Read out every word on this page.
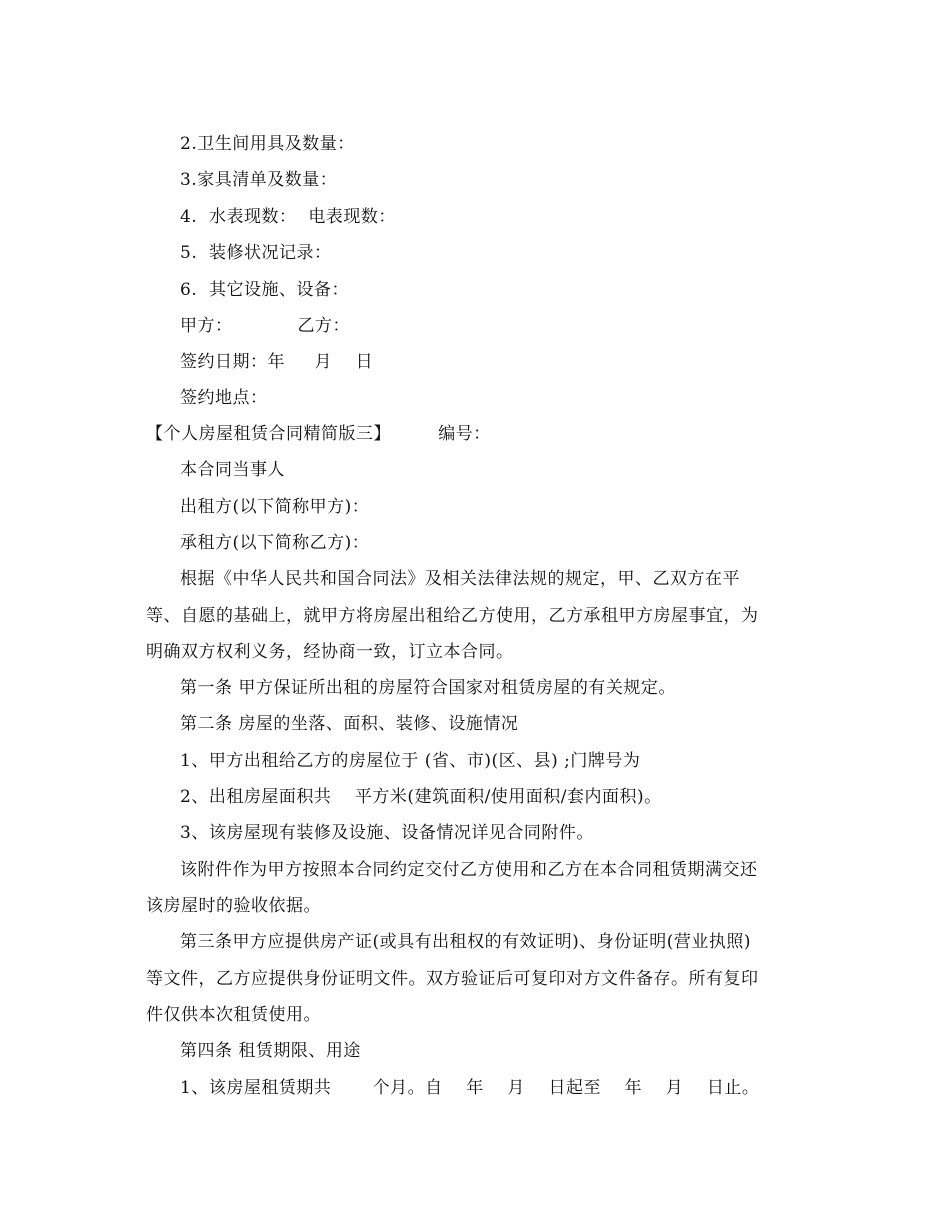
2.卫生间用具及数量：
3.家具清单及数量：
4.  水表现数：  电表现数：
5.  装修状况记录：
6.  其它设施、设备：
甲方：           乙方：
签约日期：年     月    日
签约地点：
【个人房屋租赁合同精简版三】        编号：
本合同当事人
出租方(以下简称甲方)：
承租方(以下简称乙方)：
根据《中华人民共和国合同法》及相关法律法规的规定，甲、乙双方在平
等、自愿的基础上，就甲方将房屋出租给乙方使用，乙方承租甲方房屋事宜，为
明确双方权利义务，经协商一致，订立本合同。
第一条 甲方保证所出租的房屋符合国家对租赁房屋的有关规定。
第二条 房屋的坐落、面积、装修、设施情况
1、甲方出租给乙方的房屋位于 (省、市)(区、县) ;门牌号为
2、出租房屋面积共    平方米(建筑面积/使用面积/套内面积)。
3、该房屋现有装修及设施、设备情况详见合同附件。
该附件作为甲方按照本合同约定交付乙方使用和乙方在本合同租赁期满交还
该房屋时的验收依据。
第三条甲方应提供房产证(或具有出租权的有效证明)、身份证明(营业执照)
等文件，乙方应提供身份证明文件。双方验证后可复印对方文件备存。所有复印
件仅供本次租赁使用。
第四条 租赁期限、用途
1、该房屋租赁期共       个月。自    年    月    日起至    年    月    日止。
